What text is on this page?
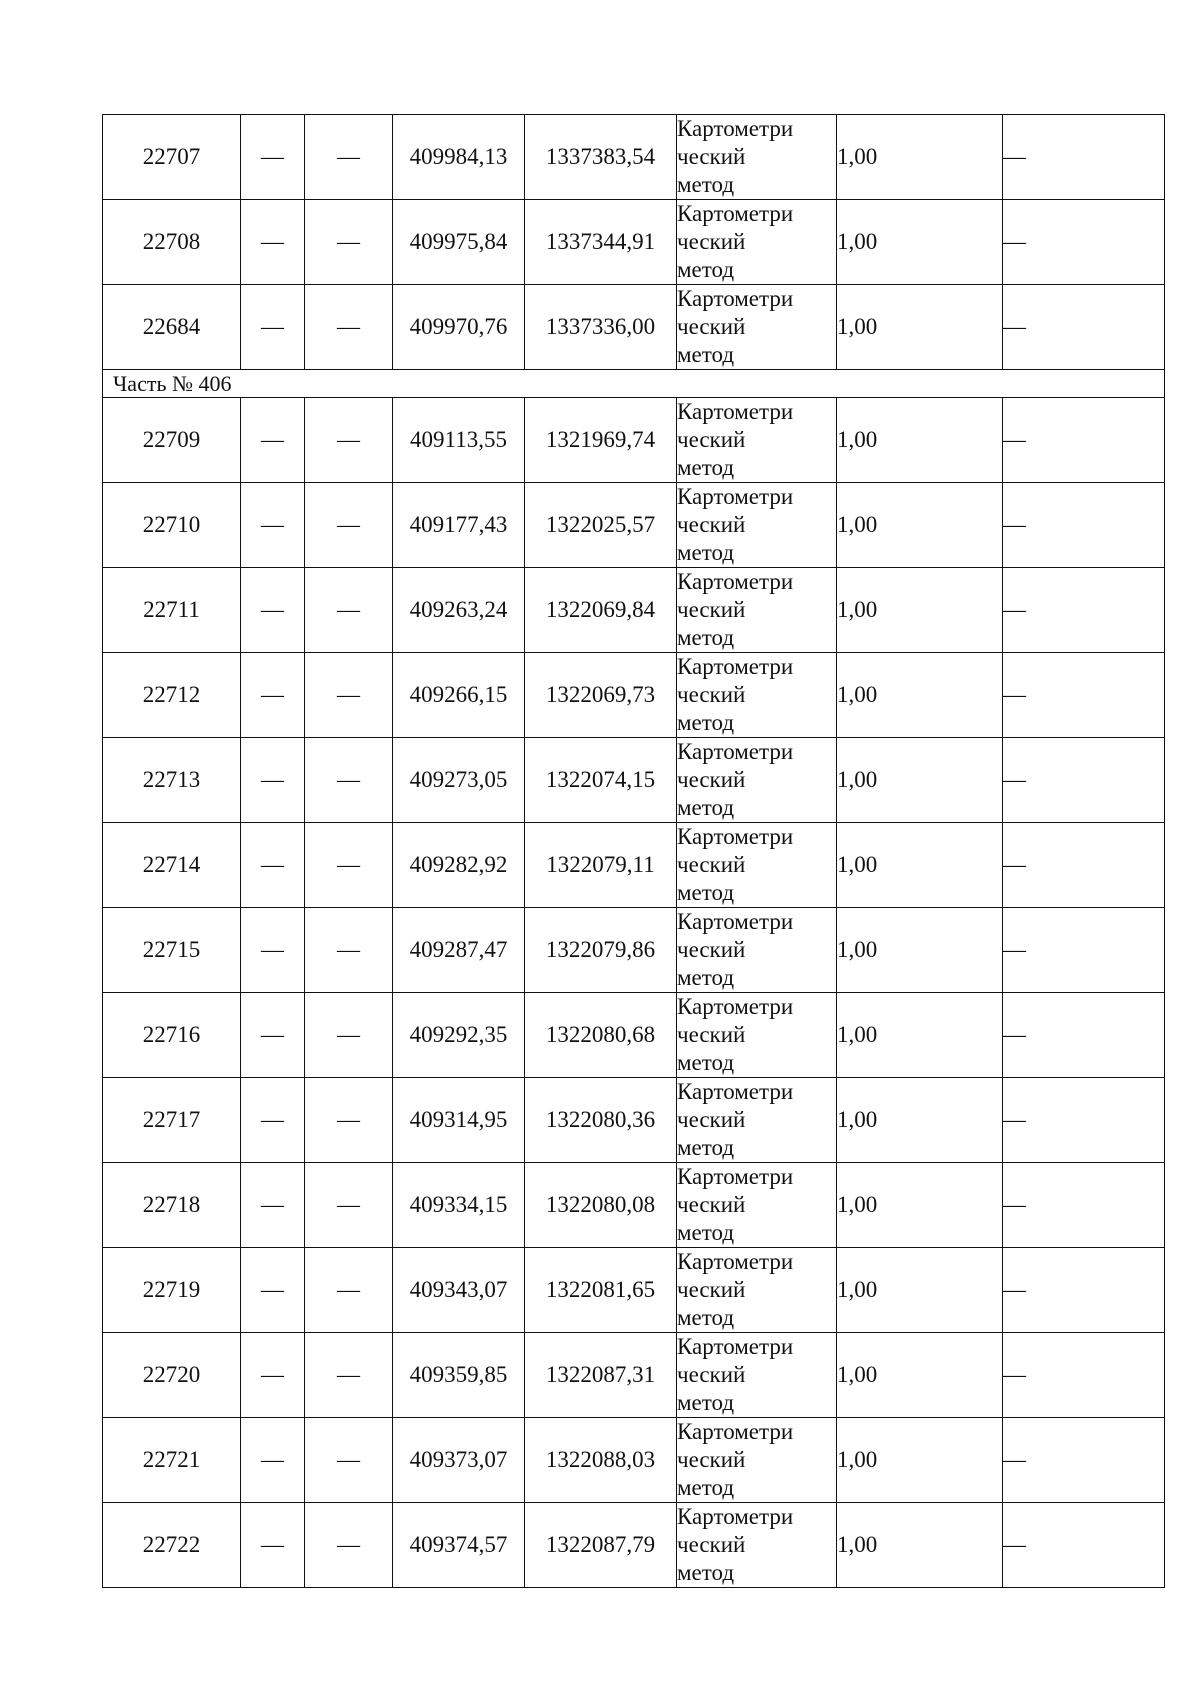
22707	—	—	409984,13	1337383,54	Картометри
ческий
метод	1,00	—
22708	—	—	409975,84	1337344,91	Картометри
ческий
метод	1,00	—
22684	—	—	409970,76	1337336,00	Картометри
ческий
метод	1,00	—
Часть № 406							
22709	—	—	409113,55	1321969,74	Картометри
ческий
метод	1,00	—
22710	—	—	409177,43	1322025,57	Картометри
ческий
метод	1,00	—
22711	—	—	409263,24	1322069,84	Картометри
ческий
метод	1,00	—
22712	—	—	409266,15	1322069,73	Картометри
ческий
метод	1,00	—
22713	—	—	409273,05	1322074,15	Картометри
ческий
метод	1,00	—
22714	—	—	409282,92	1322079,11	Картометри
ческий
метод	1,00	—
22715	—	—	409287,47	1322079,86	Картометри
ческий
метод	1,00	—
22716	—	—	409292,35	1322080,68	Картометри
ческий
метод	1,00	—
22717	—	—	409314,95	1322080,36	Картометри
ческий
метод	1,00	—
22718	—	—	409334,15	1322080,08	Картометри
ческий
метод	1,00	—
22719	—	—	409343,07	1322081,65	Картометри
ческий
метод	1,00	—
22720	—	—	409359,85	1322087,31	Картометри
ческий
метод	1,00	—
22721	—	—	409373,07	1322088,03	Картометри
ческий
метод	1,00	—
22722	—	—	409374,57	1322087,79	Картометри
ческий
метод	1,00	—
